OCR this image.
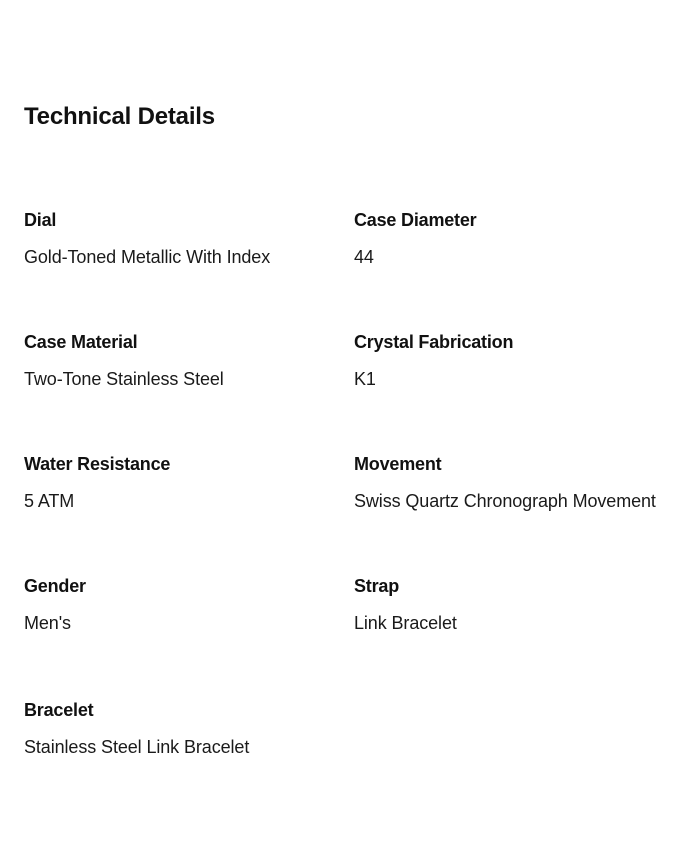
Technical Details
Dial
Gold-Toned Metallic With Index
Case Diameter
44
Case Material
Two-Tone Stainless Steel
Crystal Fabrication
K1
Water Resistance
5 ATM
Movement
Swiss Quartz Chronograph Movement
Gender
Men's
Strap
Link Bracelet
Bracelet
Stainless Steel Link Bracelet
